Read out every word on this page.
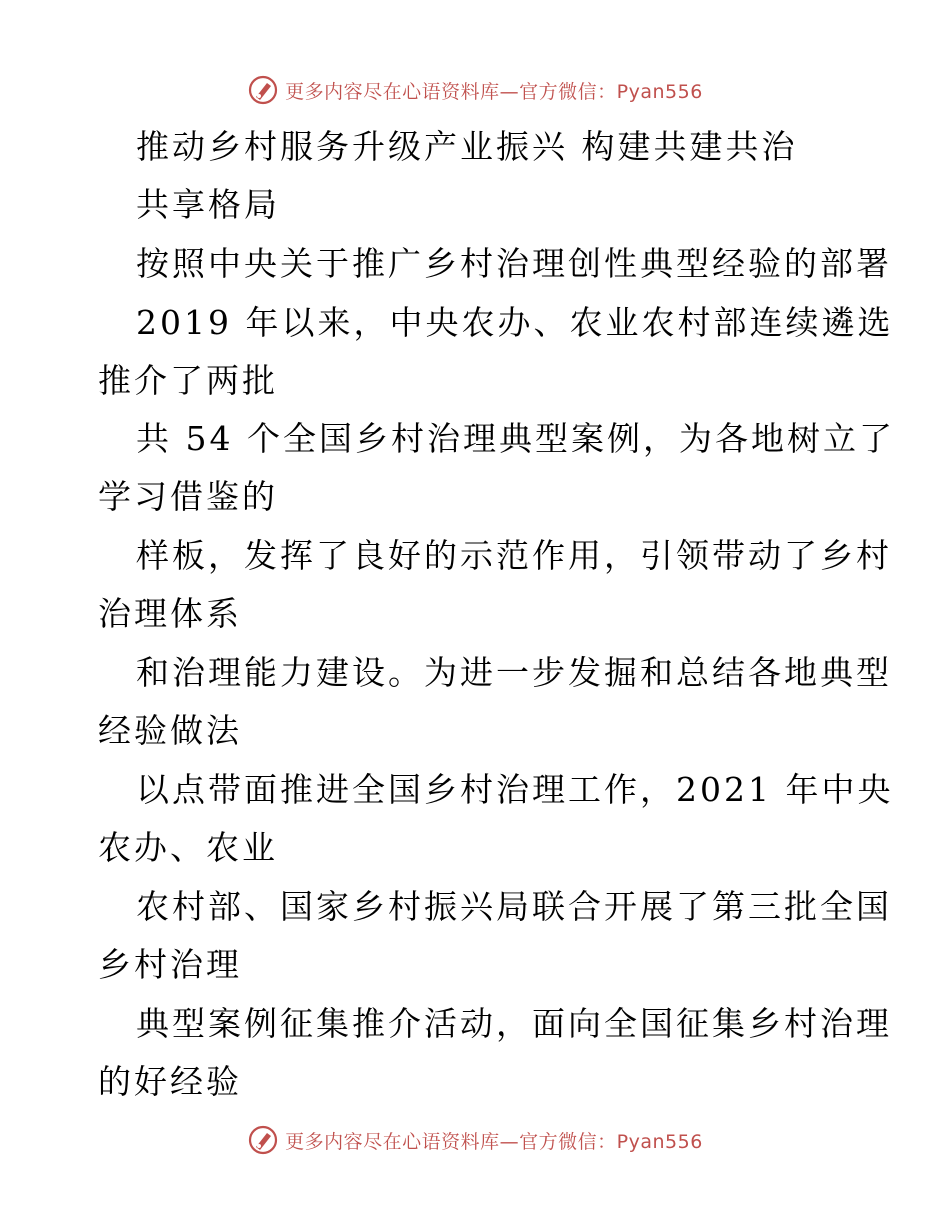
更多内容尽在心语资料库—官方微信：Pyan556
推动乡村服务升级产业振兴 构建共建共治
共享格局
按照中央关于推广乡村治理创性典型经验的部署
2019 年以来，中央农办、农业农村部连续遴选
推介了两批
共 54 个全国乡村治理典型案例，为各地树立了
学习借鉴的
样板，发挥了良好的示范作用，引领带动了乡村
治理体系
和治理能力建设。为进一步发掘和总结各地典型
经验做法
以点带面推进全国乡村治理工作，2021 年中央
农办、农业
农村部、国家乡村振兴局联合开展了第三批全国
乡村治理
典型案例征集推介活动，面向全国征集乡村治理
的好经验
更多内容尽在心语资料库—官方微信：Pyan556
